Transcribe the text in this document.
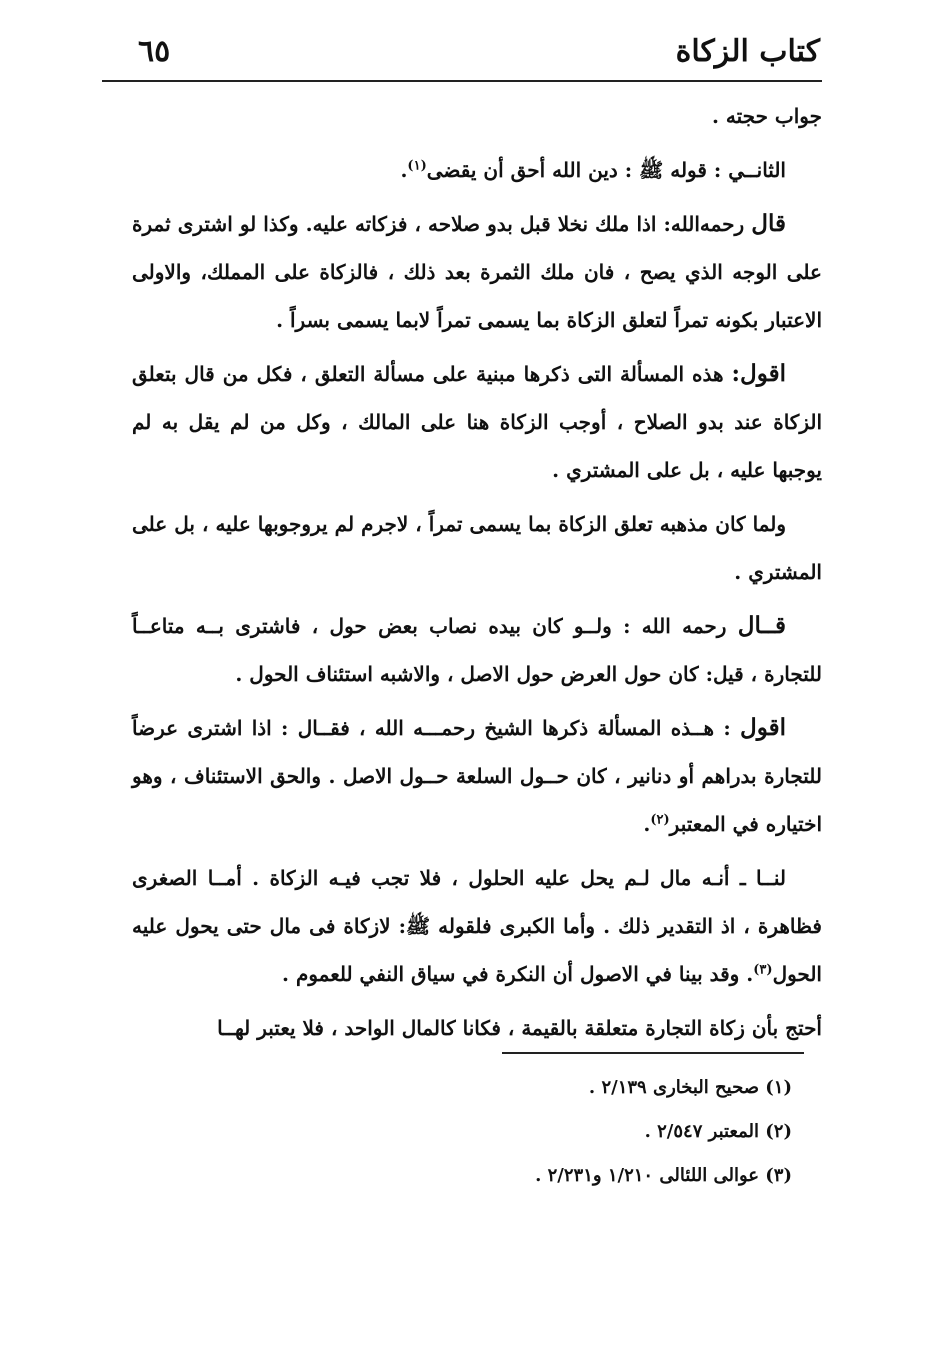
كتاب الزكاة
٦٥

جواب حجته .

الثانــي : قوله ﷺ : دين الله أحق أن يقضى$^{(١)}$.

قال رحمه‌الله: اذا ملك نخلا قبل بدو صلاحه ، فزكاته عليه. وكذا لو اشترى ثمرة على الوجه الذي يصح ، فان ملك الثمرة بعد ذلك ، فالزكاة على المملك، والاولى الاعتبار بكونه تمراً لتعلق الزكاة بما يسمى تمراً لابما يسمى بسراً .

اقول: هذه المسألة التى ذكرها مبنية على مسألة التعلق ، فكل من قال بتعلق الزكاة عند بدو الصلاح ، أوجب الزكاة هنا على المالك ، وكل من لم يقل به لم يوجبها عليه ، بل على المشتري .

ولما كان مذهبه تعلق الزكاة بما يسمى تمراً ، لاجرم لم يروجوبها عليه ، بل على المشتري .

قــال رحمه الله : ولــو كان بيده نصاب بعض حول ، فاشترى بــه متاعــاً للتجارة ، قيل: كان حول العرض حول الاصل ، والاشبه استئناف الحول .

اقول : هــذه المسألة ذكرها الشيخ رحمـــه الله ، فقــال : اذا اشترى عرضاً للتجارة بدراهم أو دنانير ، كان حــول السلعة حــول الاصل . والحق الاستئناف ، وهو اختياره في المعتبر$^{(٢)}$.

لنــا ـ أنـه مال لـم يحل عليه الحلول ، فلا تجب فيـه الزكاة . أمــا الصغرى فظاهرة ، اذ التقدير ذلك . وأما الكبرى فلقوله ﷺ: لازكاة فى مال حتى يحول عليه الحول$^{(٣)}$. وقد بينا في الاصول أن النكرة في سياق النفي للعموم .

أحتج بأن زكاة التجارة متعلقة بالقيمة ، فكانا كالمال الواحد ، فلا يعتبر لهــا

(١) صحيح البخارى ٢/١٣٩ .
(٢) المعتبر ٢/٥٤٧ .
(٣) عوالى اللئالى ١/٢١٠ و٢/٢٣١ .
